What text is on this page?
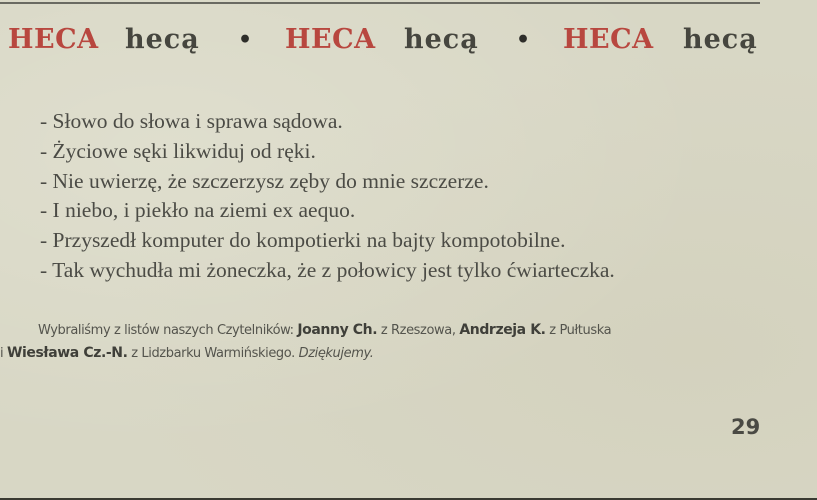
HECA hecą • HECA hecą • HECA hecą
- Słowo do słowa i sprawa sądowa.
- Życiowe sęki likwiduj od ręki.
- Nie uwierzę, że szczerzysz zęby do mnie szczerze.
- I niebo, i piekło na ziemi ex aequo.
- Przyszedł komputer do kompotierki na bajty kompotobilne.
- Tak wychudła mi żoneczka, że z połowicy jest tylko ćwiarteczka.
Wybraliśmy z listów naszych Czytelników: Joanny Ch. z Rzeszowa, Andrzeja K. z Pułtuska
i Wiesława Cz.-N. z Lidzbarku Warmińskiego. Dziękujemy.
29
